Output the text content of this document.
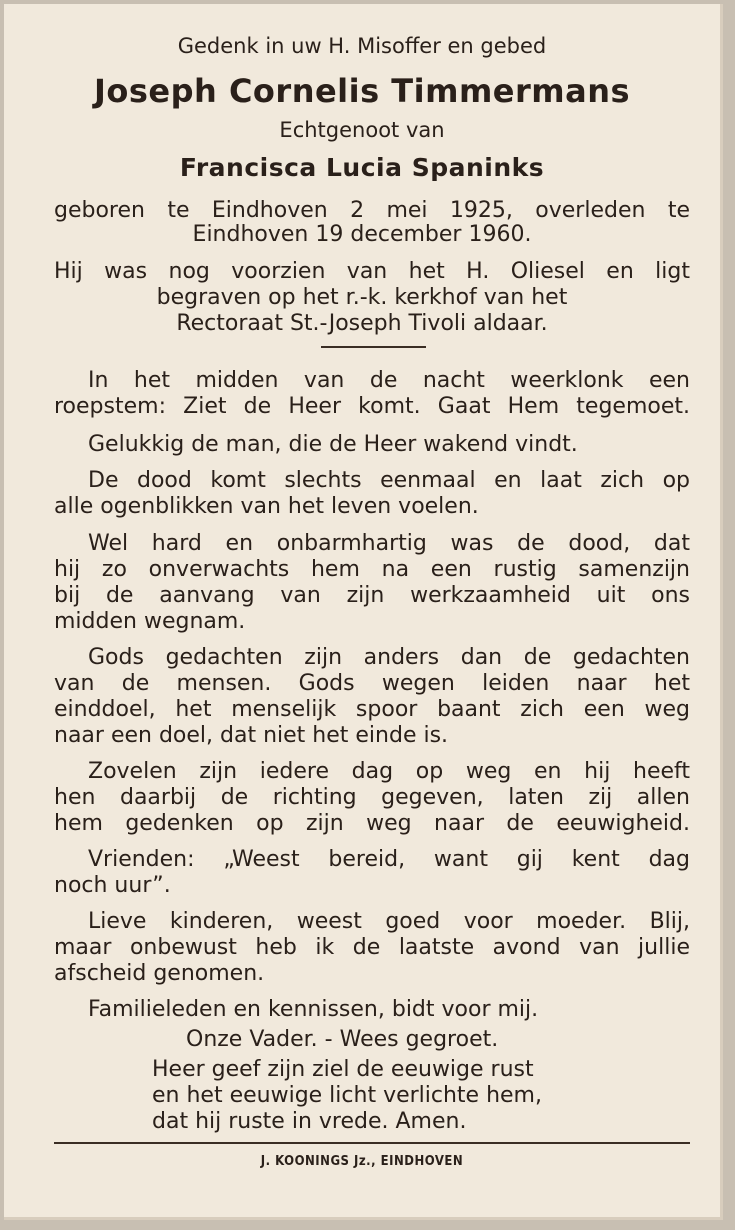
Gedenk in uw H. Misoffer en gebed
Joseph Cornelis Timmermans
Echtgenoot van
Francisca Lucia Spaninks
geboren te Eindhoven 2 mei 1925, overleden te
Eindhoven 19 december 1960.
Hij was nog voorzien van het H. Oliesel en ligt
begraven op het r.-k. kerkhof van het
Rectoraat St.-Joseph Tivoli aldaar.
In het midden van de nacht weerklonk een
roepstem: Ziet de Heer komt. Gaat Hem tegemoet.
Gelukkig de man, die de Heer wakend vindt.
De dood komt slechts eenmaal en laat zich op
alle ogenblikken van het leven voelen.
Wel hard en onbarmhartig was de dood, dat
hij zo onverwachts hem na een rustig samenzijn
bij de aanvang van zijn werkzaamheid uit ons
midden wegnam.
Gods gedachten zijn anders dan de gedachten
van de mensen. Gods wegen leiden naar het
einddoel, het menselijk spoor baant zich een weg
naar een doel, dat niet het einde is.
Zovelen zijn iedere dag op weg en hij heeft
hen daarbij de richting gegeven, laten zij allen
hem gedenken op zijn weg naar de eeuwigheid.
Vrienden: „Weest bereid, want gij kent dag
noch uur”.
Lieve kinderen, weest goed voor moeder. Blij,
maar onbewust heb ik de laatste avond van jullie
afscheid genomen.
Familieleden en kennissen, bidt voor mij.
Onze Vader. - Wees gegroet.
Heer geef zijn ziel de eeuwige rust
en het eeuwige licht verlichte hem,
dat hij ruste in vrede. Amen.
J. KOONINGS Jz., EINDHOVEN
